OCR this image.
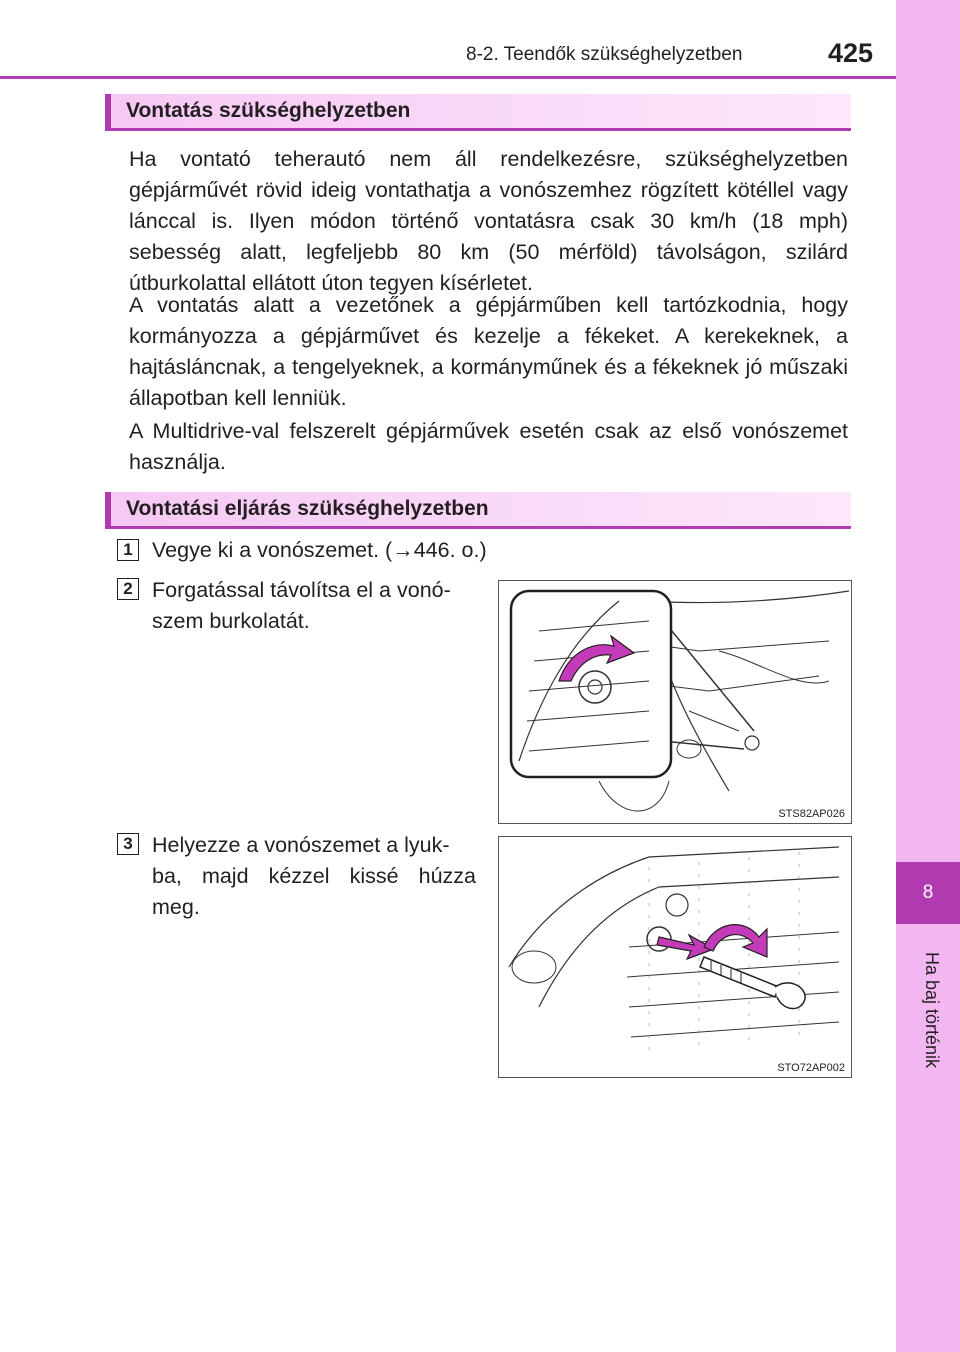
8
Ha baj történik
8-2. Teendők szükséghelyzetben	425
Vontatás szükséghelyzetben

Ha vontató teherautó nem áll rendelkezésre, szükséghelyzetben gépjárművét rövid ideig vontathatja a vonószemhez rögzített kötéllel vagy lánccal is. Ilyen módon történő vontatásra csak 30 km/h (18 mph) sebesség alatt, legfeljebb 80 km (50 mérföld) távolságon, szilárd útburkolattal ellátott úton tegyen kísérletet.

A vontatás alatt a vezetőnek a gépjárműben kell tartózkodnia, hogy kormányozza a gépjárművet és kezelje a fékeket. A kerekeknek, a hajtásláncnak, a tengelyeknek, a kormányműnek és a fékeknek jó műszaki állapotban kell lenniük.

A Multidrive-val felszerelt gépjárművek esetén csak az első vonószemet használja.

Vontatási eljárás szükséghelyzetben
1 Vegye ki a vonószemet. (→446. o.)

2 Forgatással távolítsa el a vonó-
szem burkolatát.

STS82AP026
3 Helyezze a vonószemet a lyuk-
ba, majd kézzel kissé húzza
meg.

STO72AP002
